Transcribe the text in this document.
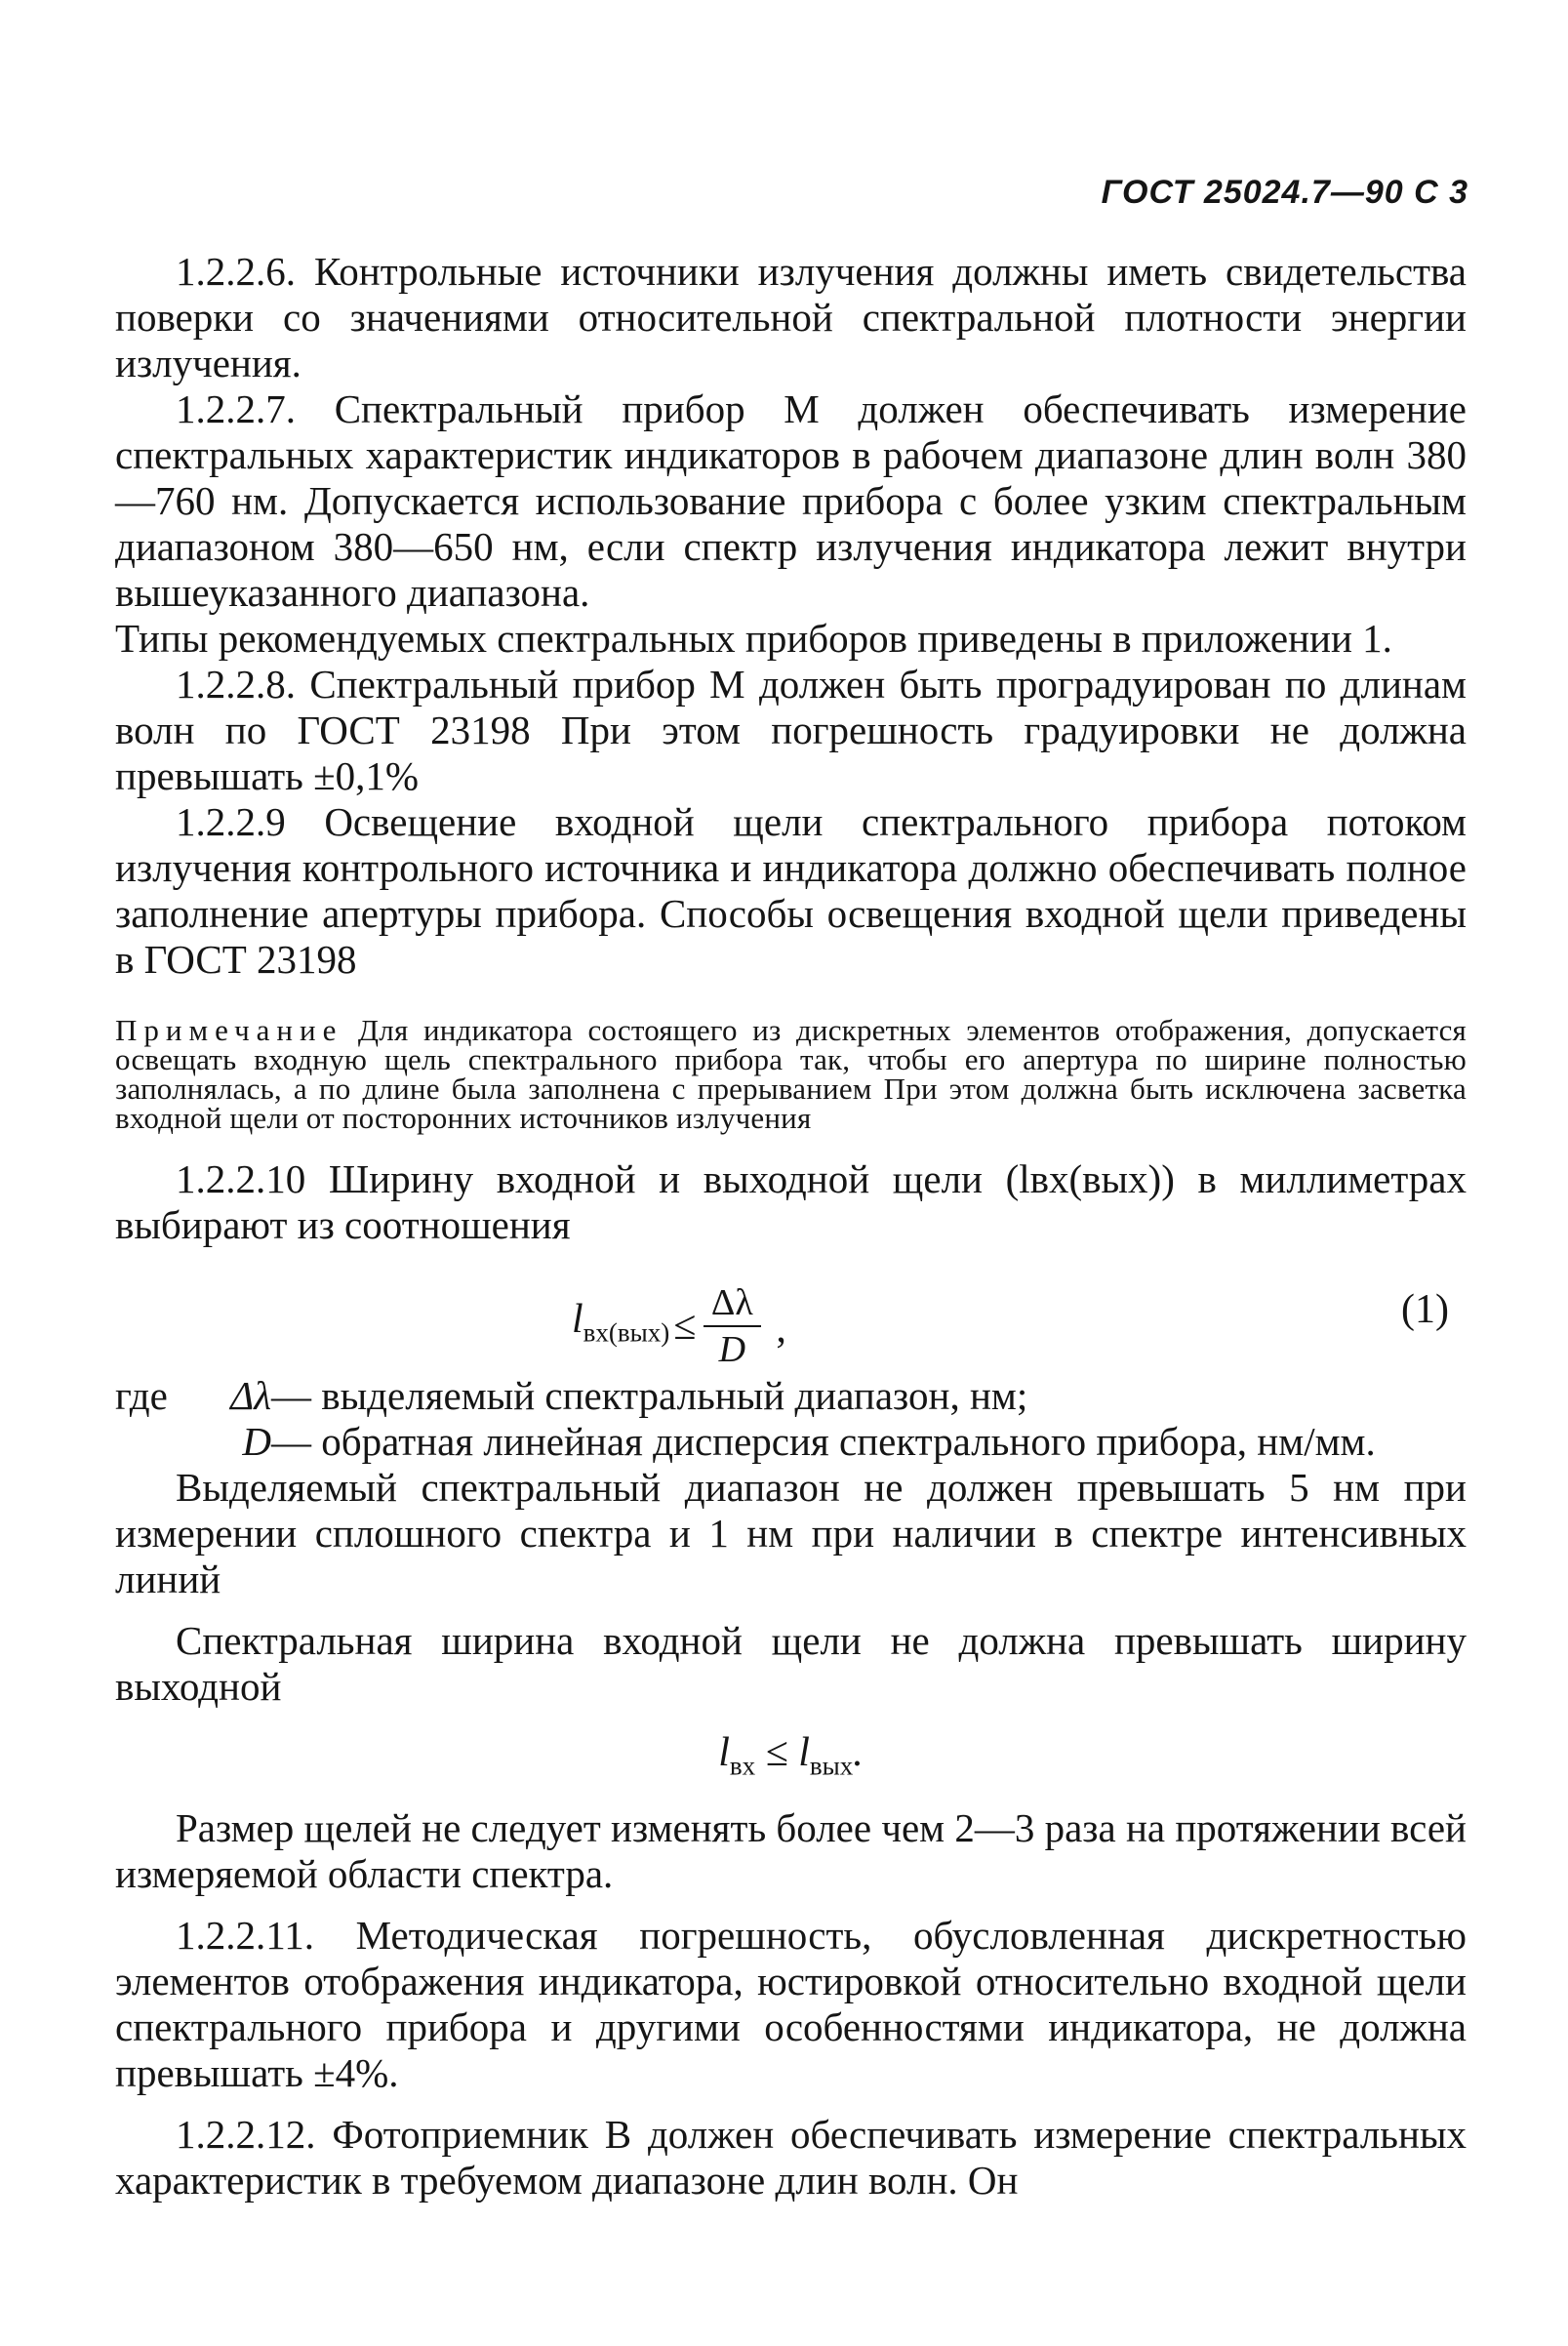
ГОСТ 25024.7—90 С 3

1.2.2.6. Контрольные источники излучения должны иметь свидетельства поверки со значениями относительной спектральной плотности энергии излучения.

1.2.2.7. Спектральный прибор М должен обеспечивать измерение спектральных характеристик индикаторов в рабочем диапазоне длин волн 380—760 нм. Допускается использование прибора с более узким спектральным диапазоном 380—650 нм, если спектр излучения индикатора лежит внутри вышеуказанного диапазона.

Типы рекомендуемых спектральных приборов приведены в приложении 1.

1.2.2.8. Спектральный прибор М должен быть проградуирован по длинам волн по ГОСТ 23198 При этом погрешность градуировки не должна превышать ±0,1%

1.2.2.9 Освещение входной щели спектрального прибора потоком излучения контрольного источника и индикатора должно обеспечивать полное заполнение апертуры прибора. Способы освещения входной щели приведены в ГОСТ 23198

Примечание Для индикатора состоящего из дискретных элементов отображения, допускается освещать входную щель спектрального прибора так, чтобы его апертура по ширине полностью заполнялась, а по длине была заполнена с прерыванием При этом должна быть исключена засветка входной щели от посторонних источников излучения

1.2.2.10 Ширину входной и выходной щели (lвх(вых)) в миллиметрах выбирают из соотношения

$l_{вх(вых)} \le \frac{\Delta\lambda}{D}$ ,	(1)
где	Δλ — выделяемый спектральный диапазон, нм;
D — обратная линейная дисперсия спектрального прибора, нм/мм.

Выделяемый спектральный диапазон не должен превышать 5 нм при измерении сплошного спектра и 1 нм при наличии в спектре интенсивных линий

Спектральная ширина входной щели не должна превышать ширину выходной

$l_{вх} \le l_{вых}$.

Размер щелей не следует изменять более чем 2—3 раза на протяжении всей измеряемой области спектра.

1.2.2.11. Методическая погрешность, обусловленная дискретностью элементов отображения индикатора, юстировкой относительно входной щели спектрального прибора и другими особенностями индикатора, не должна превышать ±4%.

1.2.2.12. Фотоприемник В должен обеспечивать измерение спектральных характеристик в требуемом диапазоне длин волн. Он
